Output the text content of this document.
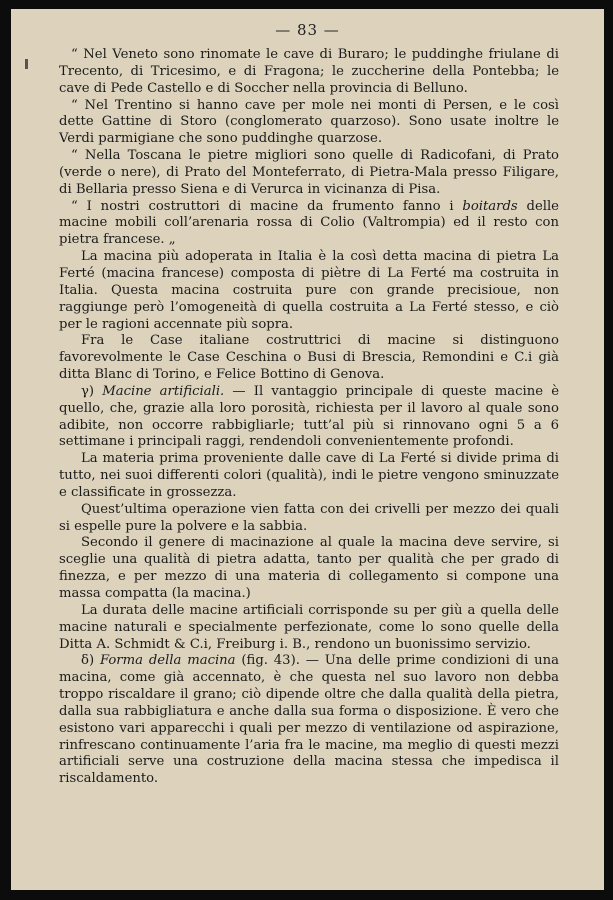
— 83 —

“ Nel Veneto sono rinomate le cave di Buraro; le puddinghe friulane di Trecento, di Tricesimo, e di Fragona; le zuccherine della Pontebba; le cave di Pede Castello e di Soccher nella provincia di Belluno.

“ Nel Trentino si hanno cave per mole nei monti di Persen, e le così dette Gattine di Storo (conglomerato quarzoso). Sono usate inoltre le Verdi parmigiane che sono puddinghe quarzose.

“ Nella Toscana le pietre migliori sono quelle di Radicofani, di Prato (verde o nere), di Prato del Monteferrato, di Pietra-Mala presso Filigare, di Bellaria presso Siena e di Verurca in vicinanza di Pisa.

“ I nostri costruttori di macine da frumento fanno i boitards delle macine mobili coll’arenaria rossa di Colio (Valtrompia) ed il resto con pietra francese. „

La macina più adoperata in Italia è la così detta macina di pietra La Ferté (macina francese) composta di piètre di La Ferté ma costruita in Italia. Questa macina costruita pure con grande precisioue, non raggiunge però l’omogeneità di quella costruita a La Ferté stesso, e ciò per le ragioni accennate più sopra.

Fra le Case italiane costruttrici di macine si distinguono favorevolmente le Case Ceschina o Busi di Brescia, Remondini e C.i già ditta Blanc di Torino, e Felice Bottino di Genova.

γ) Macine artificiali. — Il vantaggio principale di queste macine è quello, che, grazie alla loro porosità, richiesta per il lavoro al quale sono adibite, non occorre rabbigliarle; tutt’al più si rinnovano ogni 5 a 6 settimane i principali raggi, rendendoli convenientemente profondi.

La materia prima proveniente dalle cave di La Ferté si divide prima di tutto, nei suoi differenti colori (qualità), indi le pietre vengono sminuzzate e classificate in grossezza.

Quest’ultima operazione vien fatta con dei crivelli per mezzo dei quali si espelle pure la polvere e la sabbia.

Secondo il genere di macinazione al quale la macina deve servire, si sceglie una qualità di pietra adatta, tanto per qualità che per grado di finezza, e per mezzo di una materia di collegamento si compone una massa compatta (la macina.)

La durata delle macine artificiali corrisponde su per giù a quella delle macine naturali e specialmente perfezionate, come lo sono quelle della Ditta A. Schmidt & C.i, Freiburg i. B., rendono un buonissimo servizio.

δ) Forma della macina (fig. 43). — Una delle prime condizioni di una macina, come già accennato, è che questa nel suo lavoro non debba troppo riscaldare il grano; ciò dipende oltre che dalla qualità della pietra, dalla sua rabbigliatura e anche dalla sua forma o disposizione. È vero che esistono vari apparecchi i quali per mezzo di ventilazione od aspirazione, rinfrescano continuamente l’aria fra le macine, ma meglio di questi mezzi artificiali serve una costruzione della macina stessa che impedisca il riscaldamento.
